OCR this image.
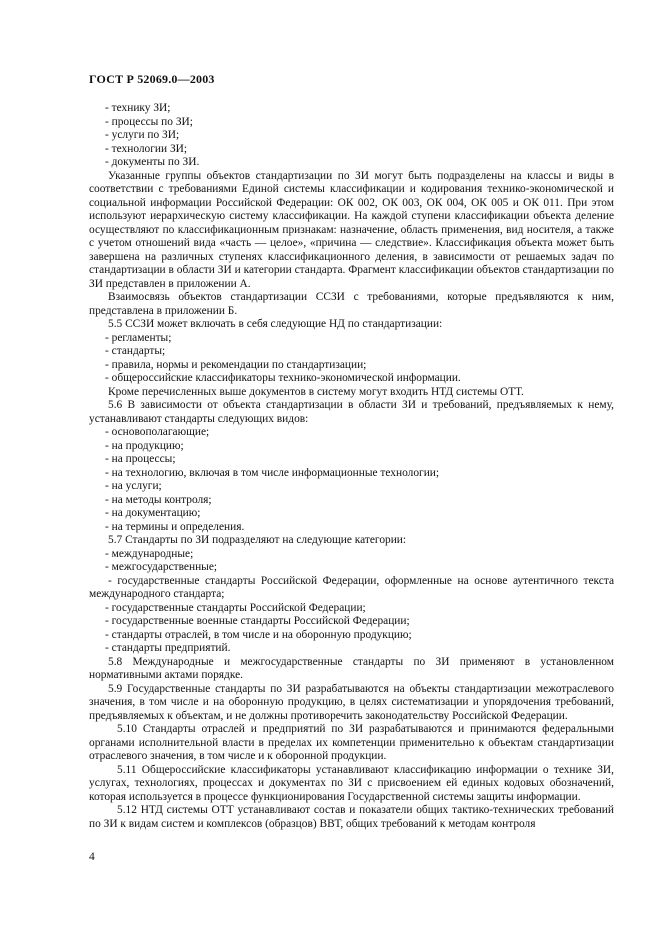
ГОСТ Р 52069.0—2003

- технику ЗИ;

- процессы по ЗИ;

- услуги по ЗИ;

- технологии ЗИ;

- документы по ЗИ.

Указанные группы объектов стандартизации по ЗИ могут быть подразделены на классы и виды в соответствии с требованиями Единой системы классификации и кодирования технико-экономической и социальной информации Российской Федерации: ОК 002, ОК 003, ОК 004, ОК 005 и ОК 011. При этом используют иерархическую систему классификации. На каждой ступени классификации объекта деление осуществляют по классификационным признакам: назначение, область применения, вид носителя, а также с учетом отношений вида «часть — целое», «причина — следствие». Классификация объекта может быть завершена на различных ступенях классификационного деления, в зависимости от решаемых задач по стандартизации в области ЗИ и категории стандарта. Фрагмент классификации объектов стандартизации по ЗИ представлен в приложении А.

Взаимосвязь объектов стандартизации ССЗИ с требованиями, которые предъявляются к ним, представлена в приложении Б.

5.5 ССЗИ может включать в себя следующие НД по стандартизации:

- регламенты;

- стандарты;

- правила, нормы и рекомендации по стандартизации;

- общероссийские классификаторы технико-экономической информации.

Кроме перечисленных выше документов в систему могут входить НТД системы ОТТ.

5.6 В зависимости от объекта стандартизации в области ЗИ и требований, предъявляемых к нему, устанавливают стандарты следующих видов:

- основополагающие;

- на продукцию;

- на процессы;

- на технологию, включая в том числе информационные технологии;

- на услуги;

- на методы контроля;

- на документацию;

- на термины и определения.

5.7 Стандарты по ЗИ подразделяют на следующие категории:

- международные;

- межгосударственные;

- государственные стандарты Российской Федерации, оформленные на основе аутентичного текста международного стандарта;

- государственные стандарты Российской Федерации;

- государственные военные стандарты Российской Федерации;

- стандарты отраслей, в том числе и на оборонную продукцию;

- стандарты предприятий.

5.8 Международные и межгосударственные стандарты по ЗИ применяют в установленном нормативными актами порядке.

5.9 Государственные стандарты по ЗИ разрабатываются на объекты стандартизации межотраслевого значения, в том числе и на оборонную продукцию, в целях систематизации и упорядочения требований, предъявляемых к объектам, и не должны противоречить законодательству Российской Федерации.

5.10 Стандарты отраслей и предприятий по ЗИ разрабатываются и принимаются федеральными органами исполнительной власти в пределах их компетенции применительно к объектам стандартизации отраслевого значения, в том числе и к оборонной продукции.

5.11 Общероссийские классификаторы устанавливают классификацию информации о технике ЗИ, услугах, технологиях, процессах и документах по ЗИ с присвоением ей единых кодовых обозначений, которая используется в процессе функционирования Государственной системы защиты информации.

5.12 НТД системы ОТТ устанавливают состав и показатели общих тактико-технических требований по ЗИ к видам систем и комплексов (образцов) ВВТ, общих требований к методам контроля

4
